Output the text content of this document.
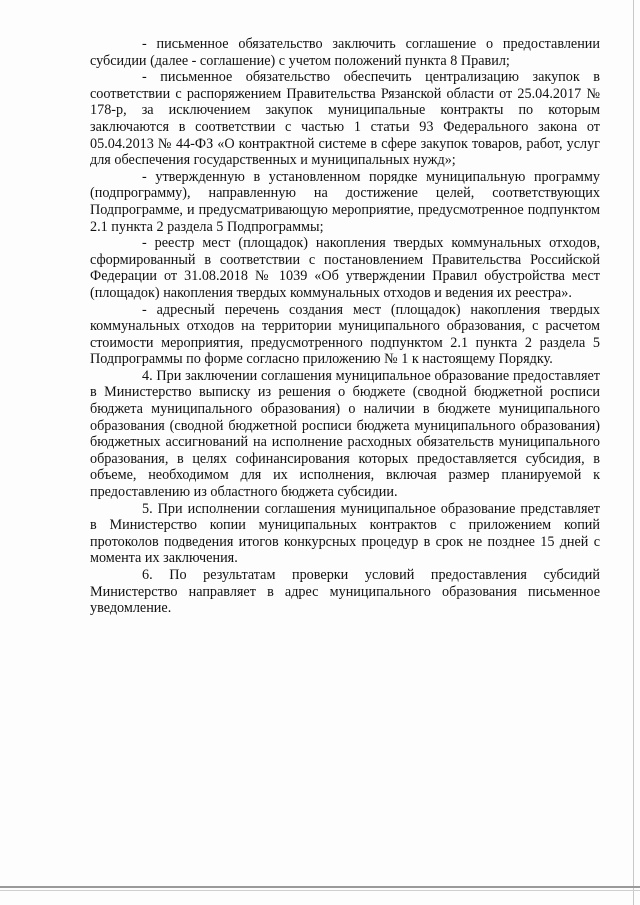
- письменное обязательство заключить соглашение о предоставлении субсидии (далее - соглашение) с учетом положений пункта 8 Правил;

- письменное обязательство обеспечить централизацию закупок в соответствии с распоряжением Правительства Рязанской области от 25.04.2017 № 178-р, за исключением закупок муниципальные контракты по которым заключаются в соответствии с частью 1 статьи 93 Федерального закона от 05.04.2013 № 44-ФЗ «О контрактной системе в сфере закупок товаров, работ, услуг для обеспечения государственных и муниципальных нужд»;

- утвержденную в установленном порядке муниципальную программу (подпрограмму), направленную на достижение целей, соответствующих Подпрограмме, и предусматривающую мероприятие, предусмотренное подпунктом 2.1 пункта 2 раздела 5 Подпрограммы;

- реестр мест (площадок) накопления твердых коммунальных отходов, сформированный в соответствии с постановлением Правительства Российской Федерации от 31.08.2018 № 1039 «Об утверждении Правил обустройства мест (площадок) накопления твердых коммунальных отходов и ведения их реестра».

- адресный перечень создания мест (площадок) накопления твердых коммунальных отходов на территории муниципального образования, с расчетом стоимости мероприятия, предусмотренного подпунктом 2.1 пункта 2 раздела 5 Подпрограммы по форме согласно приложению № 1 к настоящему Порядку.

4. При заключении соглашения муниципальное образование предоставляет в Министерство выписку из решения о бюджете (сводной бюджетной росписи бюджета муниципального образования) о наличии в бюджете муниципального образования (сводной бюджетной росписи бюджета муниципального образования) бюджетных ассигнований на исполнение расходных обязательств муниципального образования, в целях софинансирования которых предоставляется субсидия, в объеме, необходимом для их исполнения, включая размер планируемой к предоставлению из областного бюджета субсидии.

5. При исполнении соглашения муниципальное образование представляет в Министерство копии муниципальных контрактов с приложением копий протоколов подведения итогов конкурсных процедур в срок не позднее 15 дней с момента их заключения.

6. По результатам проверки условий предоставления субсидий Министерство направляет в адрес муниципального образования письменное уведомление.
